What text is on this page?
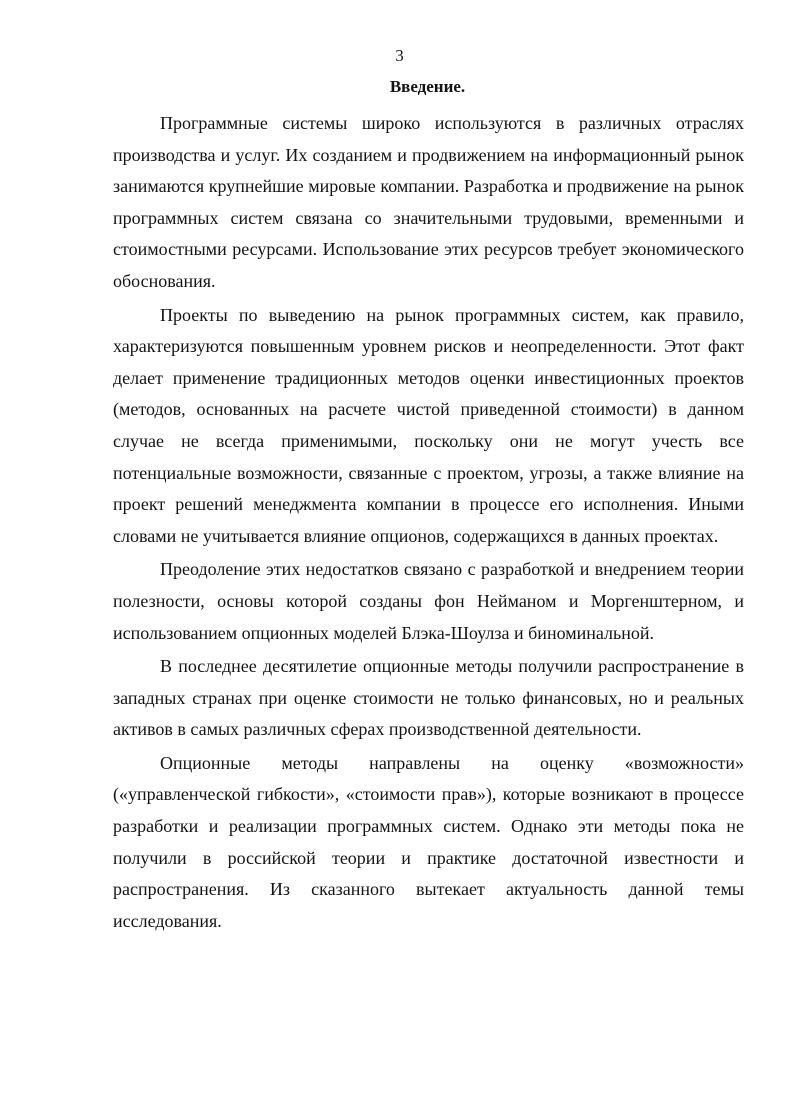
3
Введение.

Программные системы широко используются в различных отраслях производства и услуг. Их созданием и продвижением на информационный рынок занимаются крупнейшие мировые компании. Разработка и продвижение на рынок программных систем связана со значительными трудовыми, временными и стоимостными ресурсами. Использование этих ресурсов требует экономического обоснования.

Проекты по выведению на рынок программных систем, как правило, характеризуются повышенным уровнем рисков и неопределенности. Этот факт делает применение традиционных методов оценки инвестиционных проектов (методов, основанных на расчете чистой приведенной стоимости) в данном случае не всегда применимыми, поскольку они не могут учесть все потенциальные возможности, связанные с проектом, угрозы, а также влияние на проект решений менеджмента компании в процессе его исполнения. Иными словами не учитывается влияние опционов, содержащихся в данных проектах.

Преодоление этих недостатков связано с разработкой и внедрением теории полезности, основы которой созданы фон Нейманом и Моргенштерном, и использованием опционных моделей Блэка-Шоулза и биноминальной.

В последнее десятилетие опционные методы получили распространение в западных странах при оценке стоимости не только финансовых, но и реальных активов в самых различных сферах производственной деятельности.

Опционные методы направлены на оценку «возможности» («управленческой гибкости», «стоимости прав»), которые возникают в процессе разработки и реализации программных систем. Однако эти методы пока не получили в российской теории и практике достаточной известности и распространения. Из сказанного вытекает актуальность данной темы исследования.
